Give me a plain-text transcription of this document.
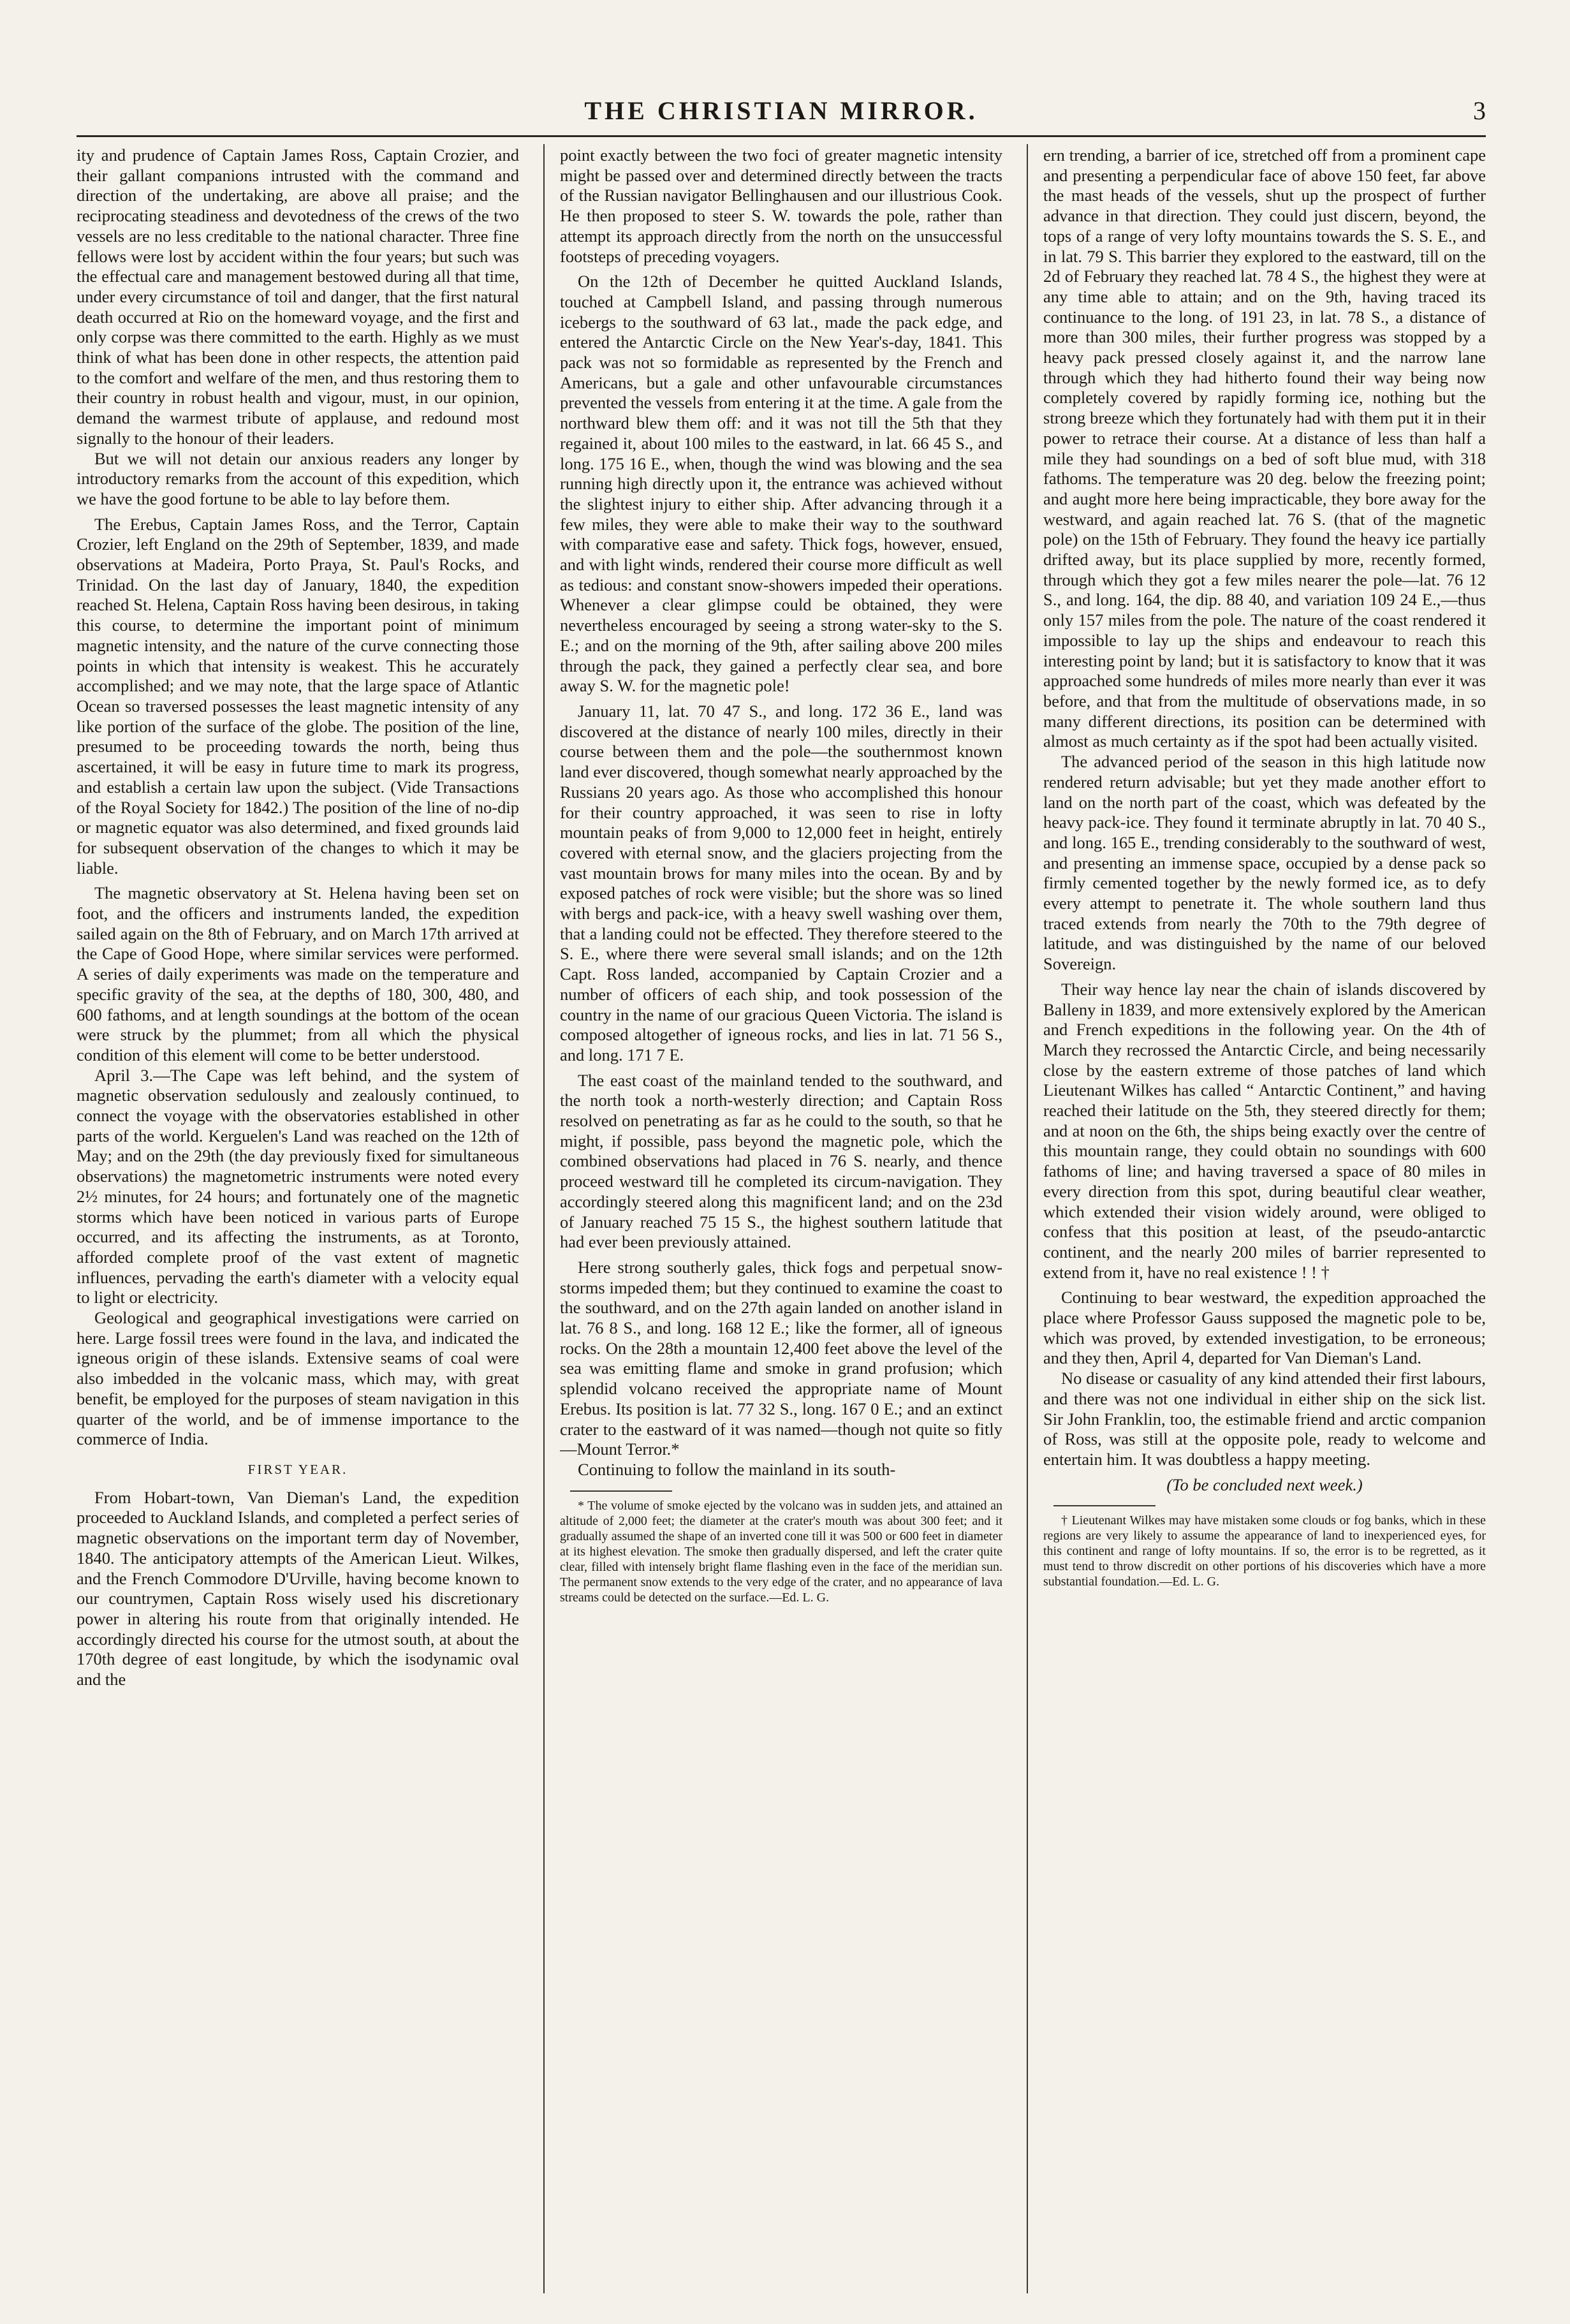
THE CHRISTIAN MIRROR.	3

ity and prudence of Captain James Ross, Captain Crozier, and their gallant companions intrusted with the command and direction of the undertaking, are above all praise; and the reciprocating steadiness and devotedness of the crews of the two vessels are no less creditable to the national character. Three fine fellows were lost by accident within the four years; but such was the effectual care and management bestowed during all that time, under every circumstance of toil and danger, that the first natural death occurred at Rio on the homeward voyage, and the first and only corpse was there committed to the earth. Highly as we must think of what has been done in other respects, the attention paid to the comfort and welfare of the men, and thus restoring them to their country in robust health and vigour, must, in our opinion, demand the warmest tribute of applause, and redound most signally to the honour of their leaders.

But we will not detain our anxious readers any longer by introductory remarks from the account of this expedition, which we have the good fortune to be able to lay before them.

The Erebus, Captain James Ross, and the Terror, Captain Crozier, left England on the 29th of September, 1839, and made observations at Madeira, Porto Praya, St. Paul's Rocks, and Trinidad. On the last day of January, 1840, the expedition reached St. Helena, Captain Ross having been desirous, in taking this course, to determine the important point of minimum magnetic intensity, and the nature of the curve connecting those points in which that intensity is weakest. This he accurately accomplished; and we may note, that the large space of Atlantic Ocean so traversed possesses the least magnetic intensity of any like portion of the surface of the globe. The position of the line, presumed to be proceeding towards the north, being thus ascertained, it will be easy in future time to mark its progress, and establish a certain law upon the subject. (Vide Transactions of the Royal Society for 1842.) The position of the line of no-dip or magnetic equator was also determined, and fixed grounds laid for subsequent observation of the changes to which it may be liable.

The magnetic observatory at St. Helena having been set on foot, and the officers and instruments landed, the expedition sailed again on the 8th of February, and on March 17th arrived at the Cape of Good Hope, where similar services were performed. A series of daily experiments was made on the temperature and specific gravity of the sea, at the depths of 180, 300, 480, and 600 fathoms, and at length soundings at the bottom of the ocean were struck by the plummet; from all which the physical condition of this element will come to be better understood.

April 3.—The Cape was left behind, and the system of magnetic observation sedulously and zealously continued, to connect the voyage with the observatories established in other parts of the world. Kerguelen's Land was reached on the 12th of May; and on the 29th (the day previously fixed for simultaneous observations) the magnetometric instruments were noted every 2½ minutes, for 24 hours; and fortunately one of the magnetic storms which have been noticed in various parts of Europe occurred, and its affecting the instruments, as at Toronto, afforded complete proof of the vast extent of magnetic influences, pervading the earth's diameter with a velocity equal to light or electricity.

Geological and geographical investigations were carried on here. Large fossil trees were found in the lava, and indicated the igneous origin of these islands. Extensive seams of coal were also imbedded in the volcanic mass, which may, with great benefit, be employed for the purposes of steam navigation in this quarter of the world, and be of immense importance to the commerce of India.

FIRST YEAR.

From Hobart-town, Van Dieman's Land, the expedition proceeded to Auckland Islands, and completed a perfect series of magnetic observations on the important term day of November, 1840. The anticipatory attempts of the American Lieut. Wilkes, and the French Commodore D'Urville, having become known to our countrymen, Captain Ross wisely used his discretionary power in altering his route from that originally intended. He accordingly directed his course for the utmost south, at about the 170th degree of east longitude, by which the isodynamic oval and the

point exactly between the two foci of greater magnetic intensity might be passed over and determined directly between the tracts of the Russian navigator Bellinghausen and our illustrious Cook. He then proposed to steer S. W. towards the pole, rather than attempt its approach directly from the north on the unsuccessful footsteps of preceding voyagers.

On the 12th of December he quitted Auckland Islands, touched at Campbell Island, and passing through numerous icebergs to the southward of 63 lat., made the pack edge, and entered the Antarctic Circle on the New Year's-day, 1841. This pack was not so formidable as represented by the French and Americans, but a gale and other unfavourable circumstances prevented the vessels from entering it at the time. A gale from the northward blew them off: and it was not till the 5th that they regained it, about 100 miles to the eastward, in lat. 66 45 S., and long. 175 16 E., when, though the wind was blowing and the sea running high directly upon it, the entrance was achieved without the slightest injury to either ship. After advancing through it a few miles, they were able to make their way to the southward with comparative ease and safety. Thick fogs, however, ensued, and with light winds, rendered their course more difficult as well as tedious: and constant snow-showers impeded their operations. Whenever a clear glimpse could be obtained, they were nevertheless encouraged by seeing a strong water-sky to the S. E.; and on the morning of the 9th, after sailing above 200 miles through the pack, they gained a perfectly clear sea, and bore away S. W. for the magnetic pole!

January 11, lat. 70 47 S., and long. 172 36 E., land was discovered at the distance of nearly 100 miles, directly in their course between them and the pole—the southernmost known land ever discovered, though somewhat nearly approached by the Russians 20 years ago. As those who accomplished this honour for their country approached, it was seen to rise in lofty mountain peaks of from 9,000 to 12,000 feet in height, entirely covered with eternal snow, and the glaciers projecting from the vast mountain brows for many miles into the ocean. By and by exposed patches of rock were visible; but the shore was so lined with bergs and pack-ice, with a heavy swell washing over them, that a landing could not be effected. They therefore steered to the S. E., where there were several small islands; and on the 12th Capt. Ross landed, accompanied by Captain Crozier and a number of officers of each ship, and took possession of the country in the name of our gracious Queen Victoria. The island is composed altogether of igneous rocks, and lies in lat. 71 56 S., and long. 171 7 E.

The east coast of the mainland tended to the southward, and the north took a north-westerly direction; and Captain Ross resolved on penetrating as far as he could to the south, so that he might, if possible, pass beyond the magnetic pole, which the combined observations had placed in 76 S. nearly, and thence proceed westward till he completed its circum-navigation. They accordingly steered along this magnificent land; and on the 23d of January reached 75 15 S., the highest southern latitude that had ever been previously attained.

Here strong southerly gales, thick fogs and perpetual snow-storms impeded them; but they continued to examine the coast to the southward, and on the 27th again landed on another island in lat. 76 8 S., and long. 168 12 E.; like the former, all of igneous rocks. On the 28th a mountain 12,400 feet above the level of the sea was emitting flame and smoke in grand profusion; which splendid volcano received the appropriate name of Mount Erebus. Its position is lat. 77 32 S., long. 167 0 E.; and an extinct crater to the eastward of it was named—though not quite so fitly—Mount Terror.*

Continuing to follow the mainland in its south-

* The volume of smoke ejected by the volcano was in sudden jets, and attained an altitude of 2,000 feet; the diameter at the crater's mouth was about 300 feet; and it gradually assumed the shape of an inverted cone till it was 500 or 600 feet in diameter at its highest elevation. The smoke then gradually dispersed, and left the crater quite clear, filled with intensely bright flame flashing even in the face of the meridian sun. The permanent snow extends to the very edge of the crater, and no appearance of lava streams could be detected on the surface.—Ed. L. G.

ern trending, a barrier of ice, stretched off from a prominent cape and presenting a perpendicular face of above 150 feet, far above the mast heads of the vessels, shut up the prospect of further advance in that direction. They could just discern, beyond, the tops of a range of very lofty mountains towards the S. S. E., and in lat. 79 S. This barrier they explored to the eastward, till on the 2d of February they reached lat. 78 4 S., the highest they were at any time able to attain; and on the 9th, having traced its continuance to the long. of 191 23, in lat. 78 S., a distance of more than 300 miles, their further progress was stopped by a heavy pack pressed closely against it, and the narrow lane through which they had hitherto found their way being now completely covered by rapidly forming ice, nothing but the strong breeze which they fortunately had with them put it in their power to retrace their course. At a distance of less than half a mile they had soundings on a bed of soft blue mud, with 318 fathoms. The temperature was 20 deg. below the freezing point; and aught more here being impracticable, they bore away for the westward, and again reached lat. 76 S. (that of the magnetic pole) on the 15th of February. They found the heavy ice partially drifted away, but its place supplied by more, recently formed, through which they got a few miles nearer the pole—lat. 76 12 S., and long. 164, the dip. 88 40, and variation 109 24 E.,—thus only 157 miles from the pole. The nature of the coast rendered it impossible to lay up the ships and endeavour to reach this interesting point by land; but it is satisfactory to know that it was approached some hundreds of miles more nearly than ever it was before, and that from the multitude of observations made, in so many different directions, its position can be determined with almost as much certainty as if the spot had been actually visited.

The advanced period of the season in this high latitude now rendered return advisable; but yet they made another effort to land on the north part of the coast, which was defeated by the heavy pack-ice. They found it terminate abruptly in lat. 70 40 S., and long. 165 E., trending considerably to the southward of west, and presenting an immense space, occupied by a dense pack so firmly cemented together by the newly formed ice, as to defy every attempt to penetrate it. The whole southern land thus traced extends from nearly the 70th to the 79th degree of latitude, and was distinguished by the name of our beloved Sovereign.

Their way hence lay near the chain of islands discovered by Balleny in 1839, and more extensively explored by the American and French expeditions in the following year. On the 4th of March they recrossed the Antarctic Circle, and being necessarily close by the eastern extreme of those patches of land which Lieutenant Wilkes has called “ Antarctic Continent,” and having reached their latitude on the 5th, they steered directly for them; and at noon on the 6th, the ships being exactly over the centre of this mountain range, they could obtain no soundings with 600 fathoms of line; and having traversed a space of 80 miles in every direction from this spot, during beautiful clear weather, which extended their vision widely around, were obliged to confess that this position at least, of the pseudo-antarctic continent, and the nearly 200 miles of barrier represented to extend from it, have no real existence ! ! †

Continuing to bear westward, the expedition approached the place where Professor Gauss supposed the magnetic pole to be, which was proved, by extended investigation, to be erroneous; and they then, April 4, departed for Van Dieman's Land.

No disease or casuality of any kind attended their first labours, and there was not one individual in either ship on the sick list. Sir John Franklin, too, the estimable friend and arctic companion of Ross, was still at the opposite pole, ready to welcome and entertain him. It was doubtless a happy meeting.

(To be concluded next week.)

† Lieutenant Wilkes may have mistaken some clouds or fog banks, which in these regions are very likely to assume the appearance of land to inexperienced eyes, for this continent and range of lofty mountains. If so, the error is to be regretted, as it must tend to throw discredit on other portions of his discoveries which have a more substantial foundation.—Ed. L. G.
